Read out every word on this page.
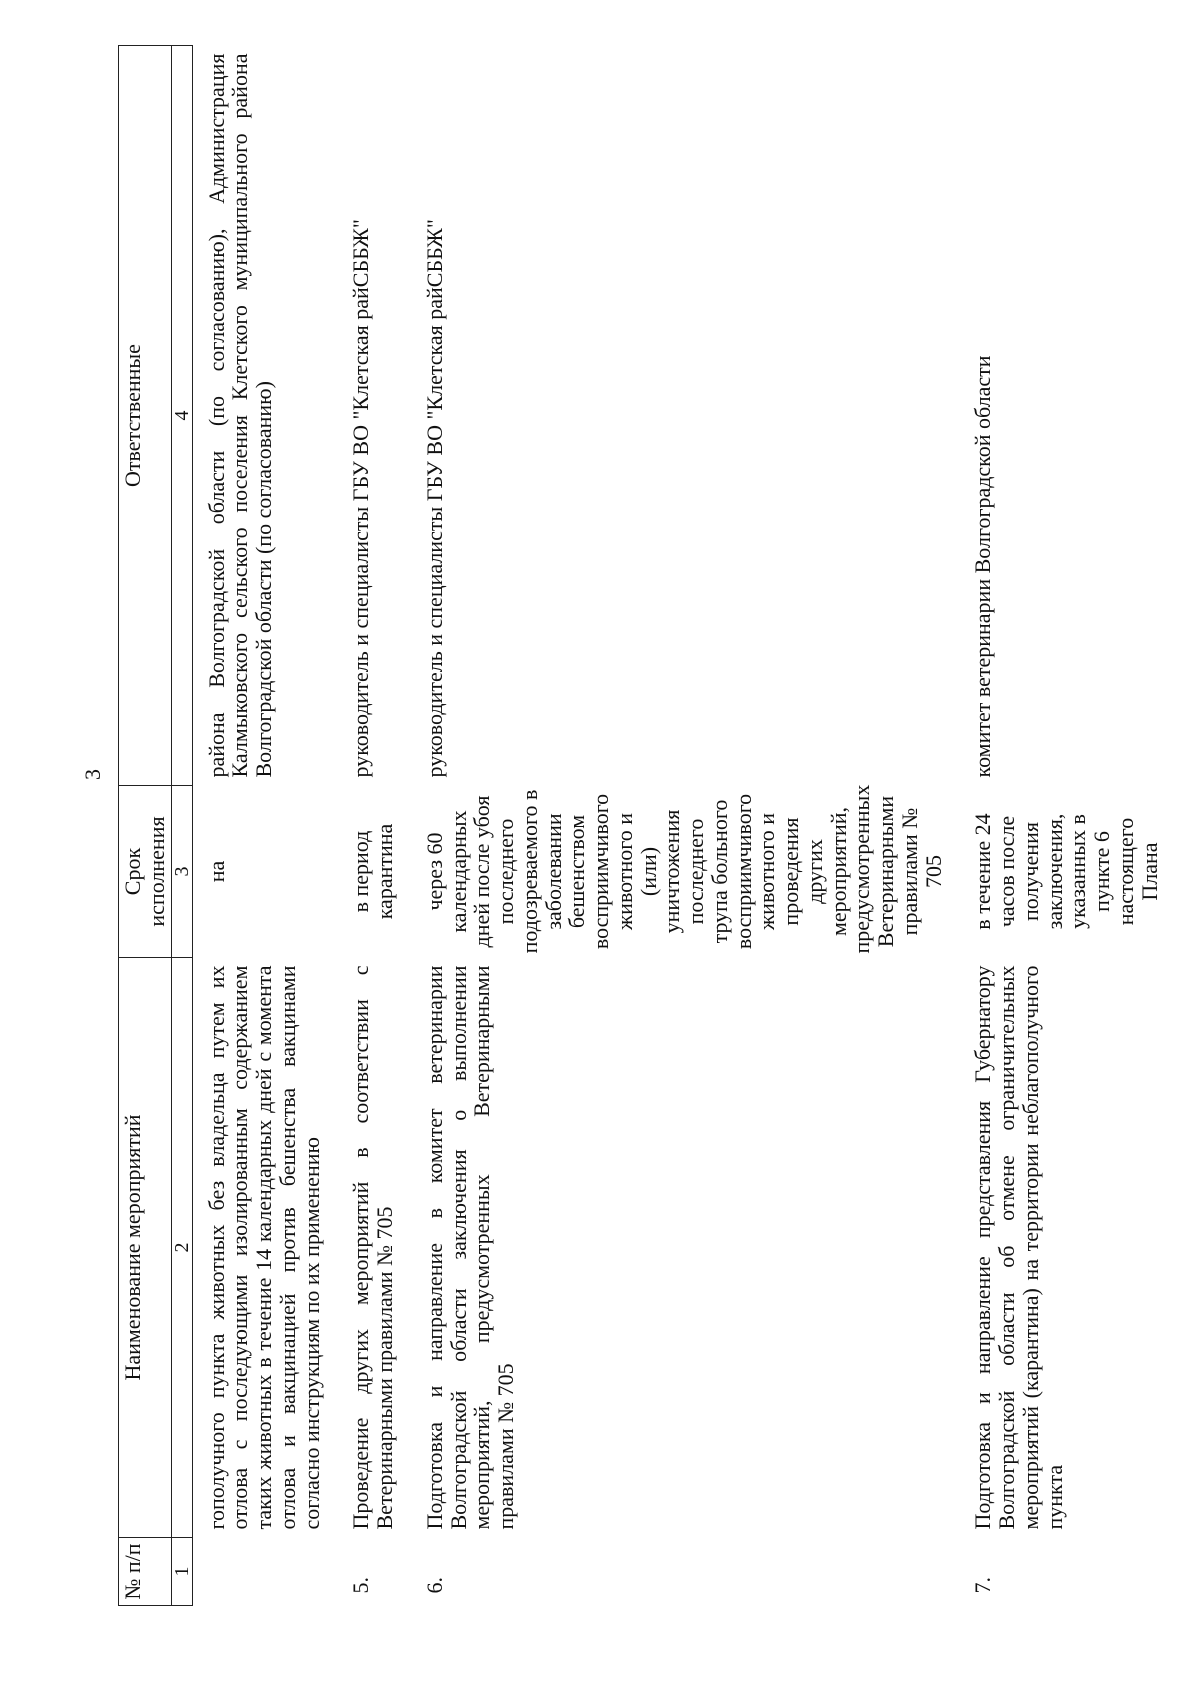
3
№ п/п	Наименование мероприятий	Срок исполнения	Ответственные
1	2	3	4
	гополучного пункта животных без владельца путем их отлова с последующими изолированным содержанием таких животных в течение 14 календарных дней с момента отлова и вакцинацией против бешенства вакцинами согласно инструкциям по их применению	на	района Волгоградской области (по согласованию), Администрация Калмыковского сельского поселения Клетского муниципального района Волгоградской области (по согласованию)
5.	Проведение других мероприятий в соответствии с Ветеринарными правилами № 705	в период карантина	руководитель и специалисты ГБУ ВО "Клетская райСББЖ"
6.	Подготовка и направление в комитет ветеринарии Волгоградской области заключения о выполнении мероприятий, предусмотренных Ветеринарными правилами № 705	через 60 календарных дней после убоя последнего подозреваемого в заболевании бешенством восприимчивого животного и (или) уничтожения последнего трупа больного восприимчивого животного и проведения других мероприятий, предусмотренных Ветеринарными правилами № 705	руководитель и специалисты ГБУ ВО "Клетская райСББЖ"
7.	Подготовка и направление представления Губернатору Волгоградской области об отмене ограничительных мероприятий (карантина) на территории неблагополучного пункта	в течение 24 часов после получения заключения, указанных в пункте 6 настоящего Плана	комитет ветеринарии Волгоградской области
